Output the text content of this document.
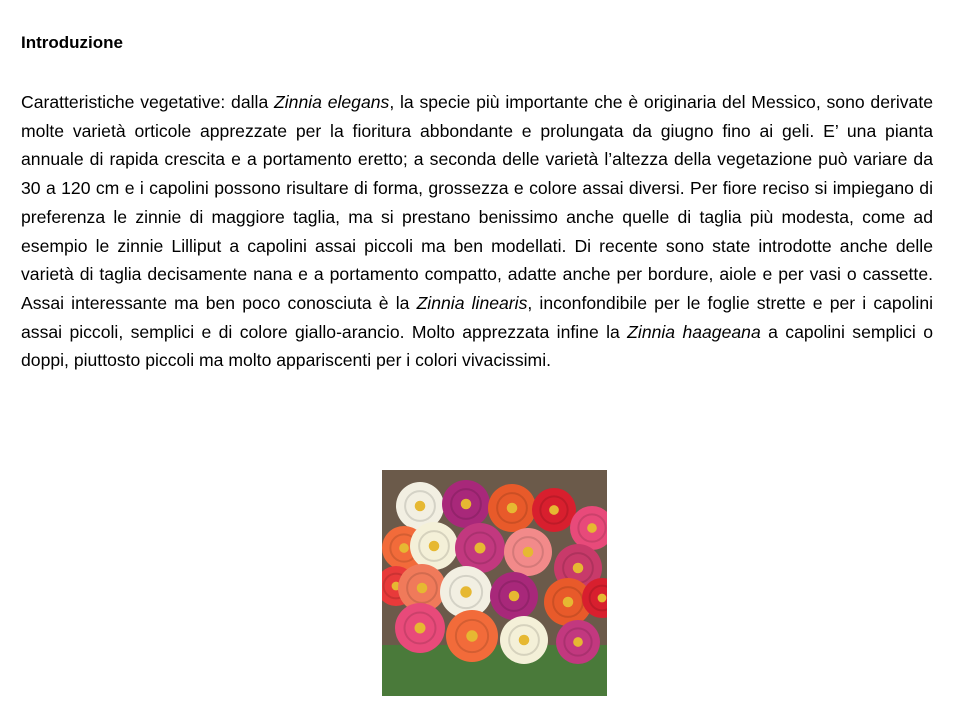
Introduzione

Caratteristiche vegetative: dalla Zinnia elegans, la specie più importante che è originaria del Messico, sono derivate molte varietà orticole apprezzate per la fioritura abbondante e prolungata da giugno fino ai geli. E’ una pianta annuale di rapida crescita e a portamento eretto; a seconda delle varietà l’altezza della vegetazione può variare da 30 a 120 cm e i capolini possono risultare di forma, grossezza e colore assai diversi. Per fiore reciso si impiegano di preferenza le zinnie di maggiore taglia, ma si prestano benissimo anche quelle di taglia più modesta, come ad esempio le zinnie Lilliput a capolini assai piccoli ma ben modellati. Di recente sono state introdotte anche delle varietà di taglia decisamente nana e a portamento compatto, adatte anche per bordure, aiole e per vasi o cassette. Assai interessante ma ben poco conosciuta è la Zinnia linearis, inconfondibile per le foglie strette e per i capolini assai piccoli, semplici e di colore giallo-arancio. Molto apprezzata infine la Zinnia haageana a capolini semplici o doppi, piuttosto piccoli ma molto appariscenti per i colori vivacissimi.
